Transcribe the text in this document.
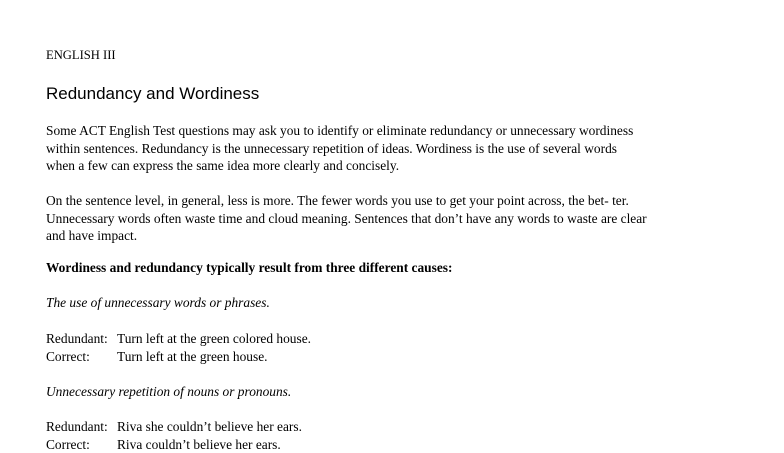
ENGLISH III
Redundancy and Wordiness
Some ACT English Test questions may ask you to identify or eliminate redundancy or unnecessary wordiness
within sentences. Redundancy is the unnecessary repetition of ideas. Wordiness is the use of several words
when a few can express the same idea more clearly and concisely.
On the sentence level, in general, less is more. The fewer words you use to get your point across, the bet- ter.
Unnecessary words often waste time and cloud meaning. Sentences that don’t have any words to waste are clear
and have impact.
Wordiness and redundancy typically result from three different causes:
The use of unnecessary words or phrases.
Redundant: Turn left at the green colored house.
Correct: Turn left at the green house.
Unnecessary repetition of nouns or pronouns.
Redundant: Riva she couldn’t believe her ears.
Correct: Riva couldn’t believe her ears.
